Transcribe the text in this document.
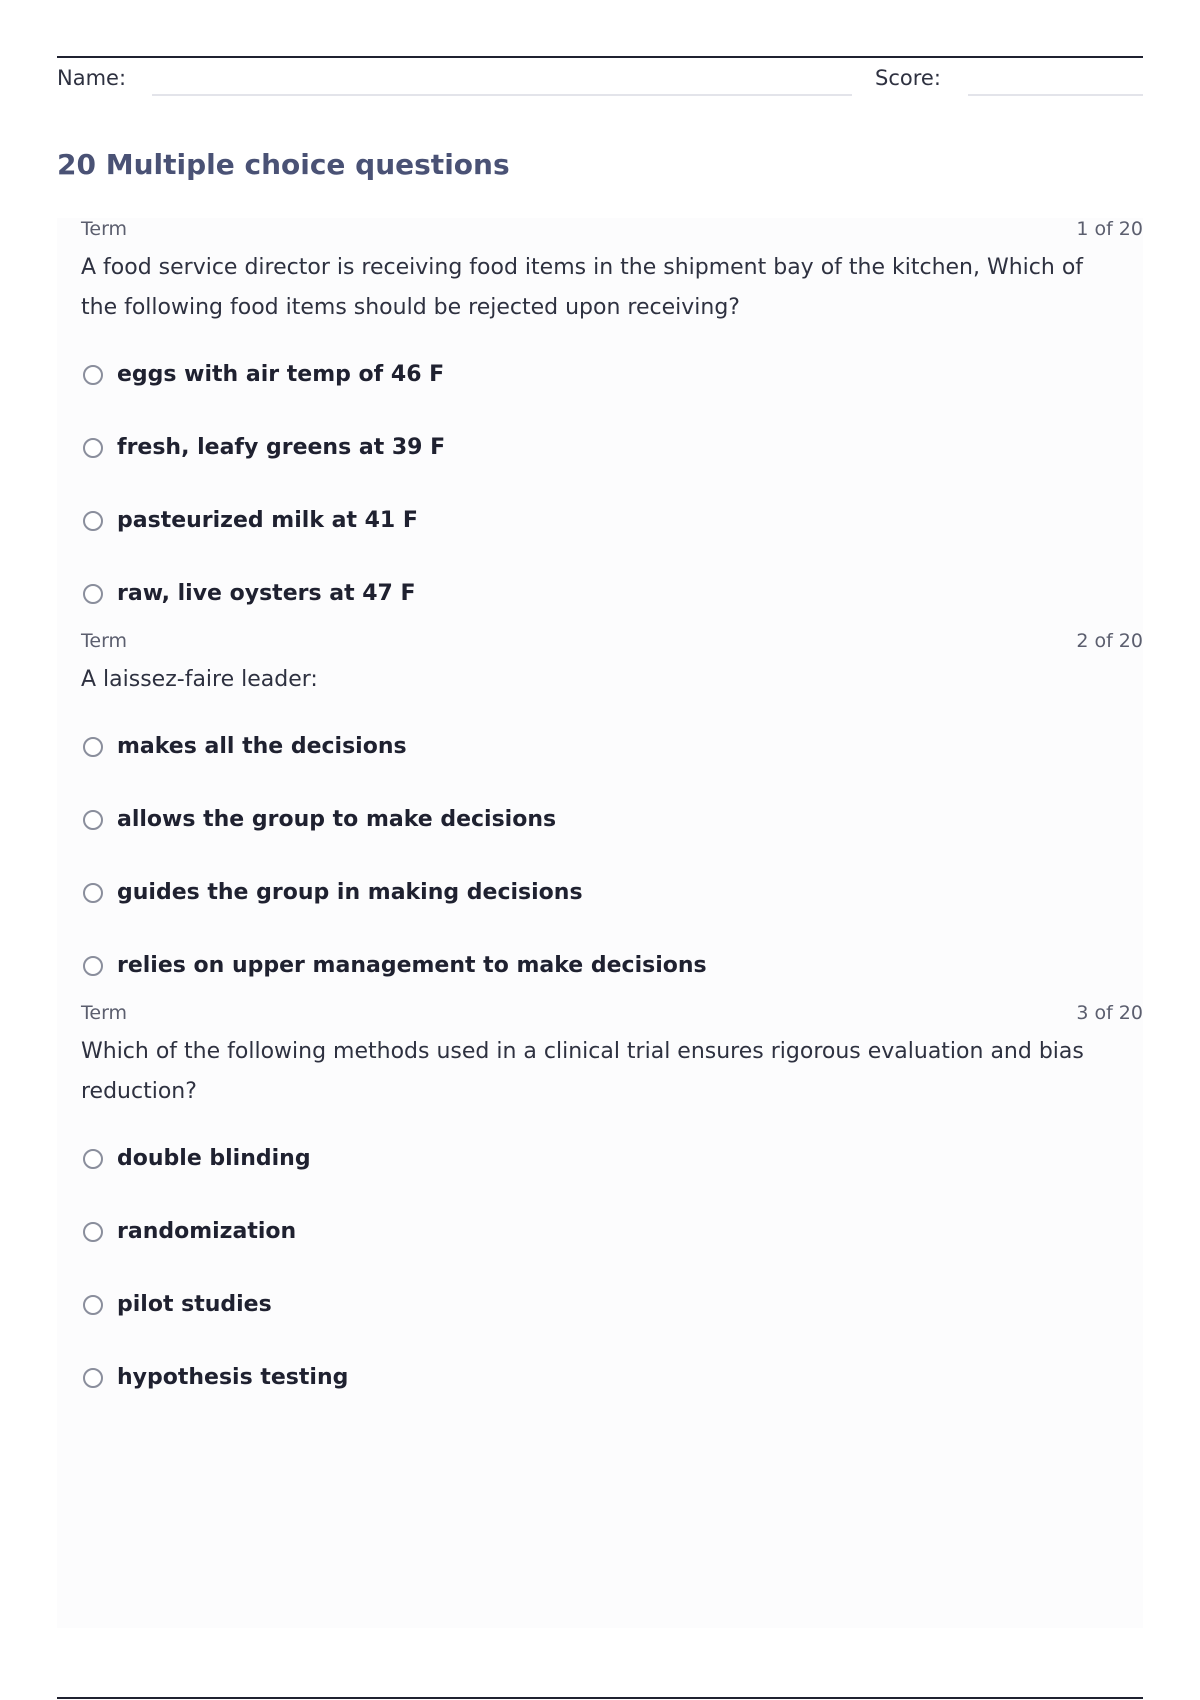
Name:	Score:
20 Multiple choice questions
Term	1 of 20
A food service director is receiving food items in the shipment bay of the kitchen, Which of the following food items should be rejected upon receiving?
eggs with air temp of 46 F
fresh, leafy greens at 39 F
pasteurized milk at 41 F
raw, live oysters at 47 F
Term	2 of 20
A laissez-faire leader:
makes all the decisions
allows the group to make decisions
guides the group in making decisions
relies on upper management to make decisions
Term	3 of 20
Which of the following methods used in a clinical trial ensures rigorous evaluation and bias reduction?
double blinding
randomization
pilot studies
hypothesis testing
